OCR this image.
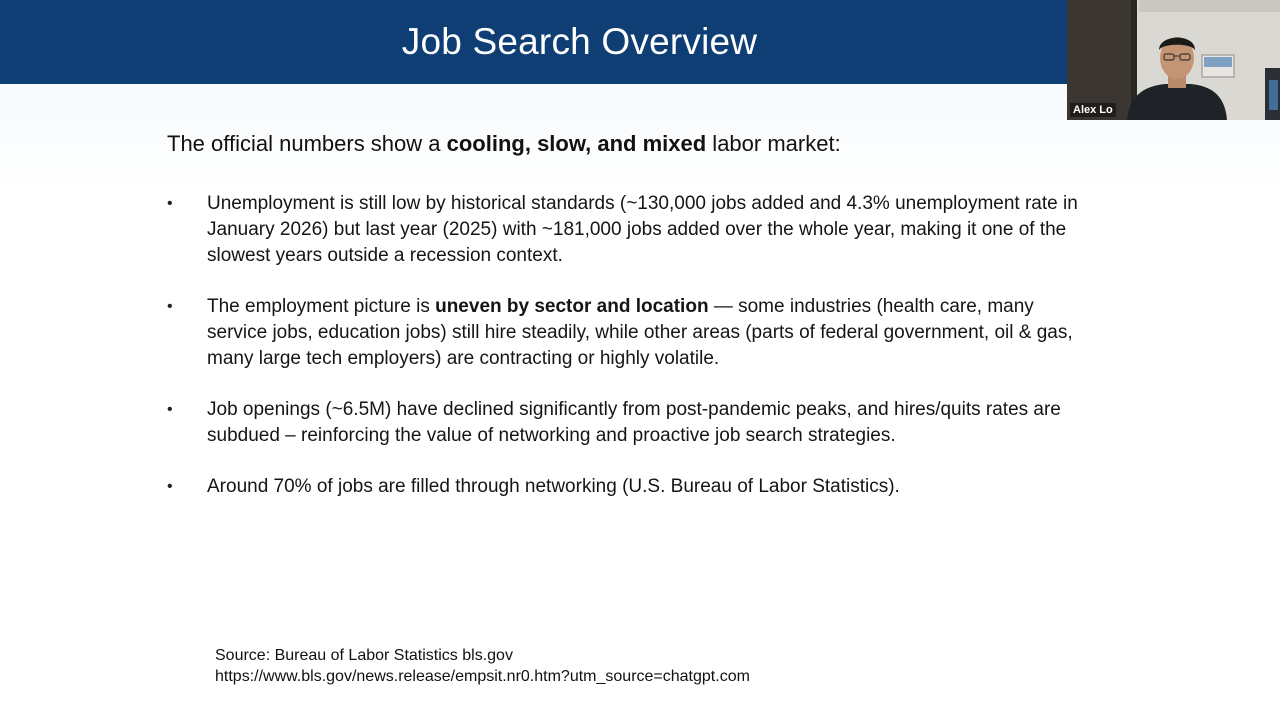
Job Search Overview
The official numbers show a cooling, slow, and mixed labor market:
• Unemployment is still low by historical standards (~130,000 jobs added and 4.3% unemployment rate in January 2026) but last year (2025) with ~181,000 jobs added over the whole year, making it one of the slowest years outside a recession context.
• The employment picture is uneven by sector and location — some industries (health care, many service jobs, education jobs) still hire steadily, while other areas (parts of federal government, oil & gas, many large tech employers) are contracting or highly volatile.
• Job openings (~6.5M) have declined significantly from post-pandemic peaks, and hires/quits rates are subdued – reinforcing the value of networking and proactive job search strategies.
• Around 70% of jobs are filled through networking (U.S. Bureau of Labor Statistics).
Source: Bureau of Labor Statistics bls.gov
https://www.bls.gov/news.release/empsit.nr0.htm?utm_source=chatgpt.com
Alex Lo
